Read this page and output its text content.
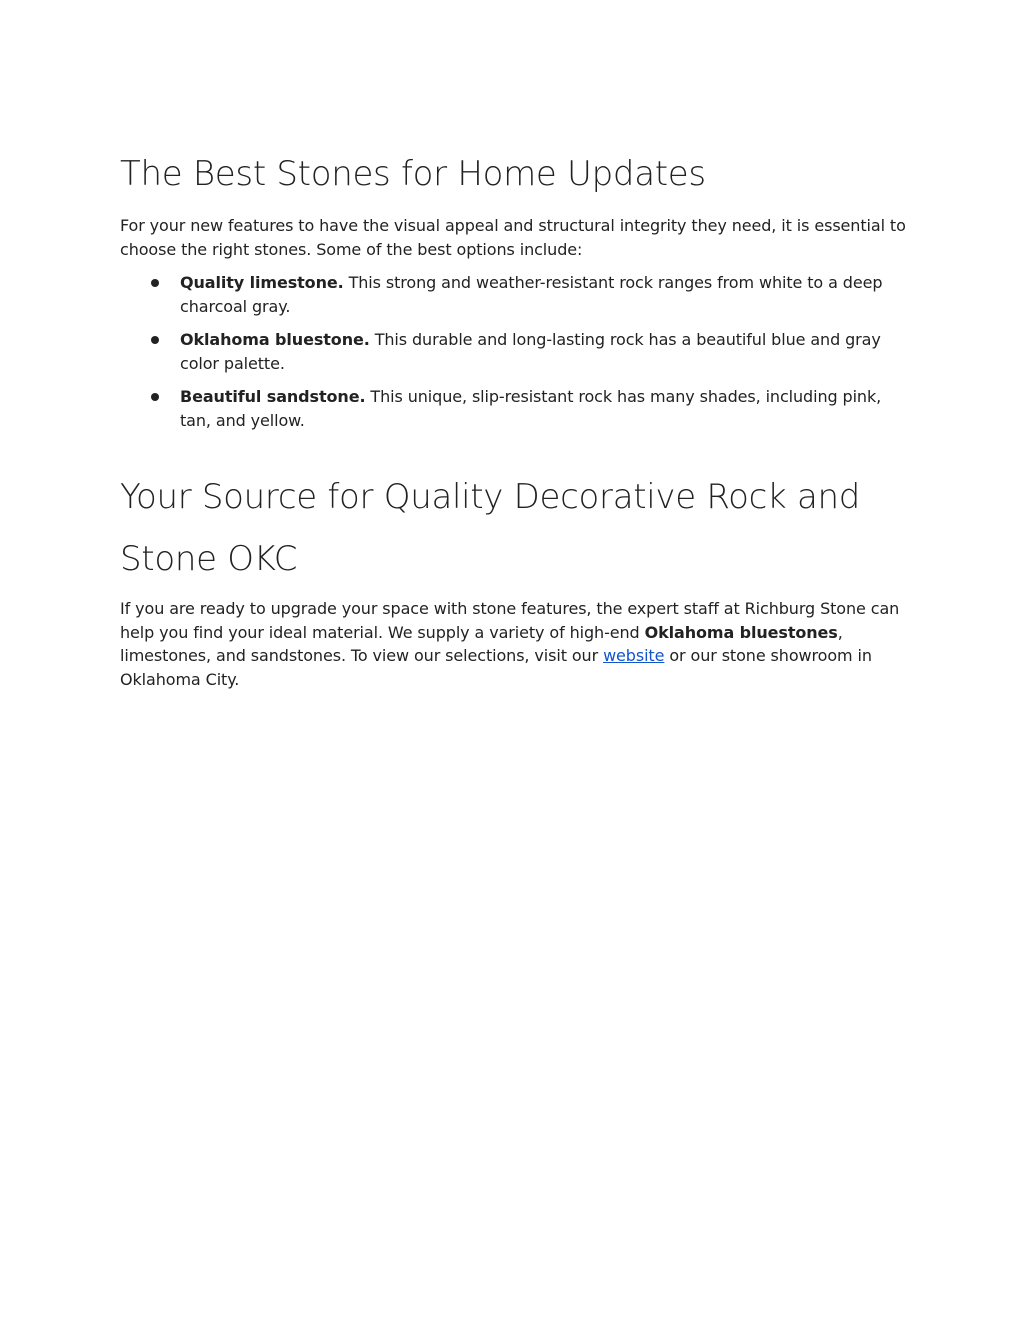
The Best Stones for Home Updates

For your new features to have the visual appeal and structural integrity they need, it is essential to choose the right stones. Some of the best options include:

Quality limestone. This strong and weather-resistant rock ranges from white to a deep charcoal gray.
Oklahoma bluestone. This durable and long-lasting rock has a beautiful blue and gray color palette.
Beautiful sandstone. This unique, slip-resistant rock has many shades, including pink, tan, and yellow.
Your Source for Quality Decorative Rock and Stone OKC

If you are ready to upgrade your space with stone features, the expert staff at Richburg Stone can help you find your ideal material. We supply a variety of high-end Oklahoma bluestones, limestones, and sandstones. To view our selections, visit our website or our stone showroom in Oklahoma City.
